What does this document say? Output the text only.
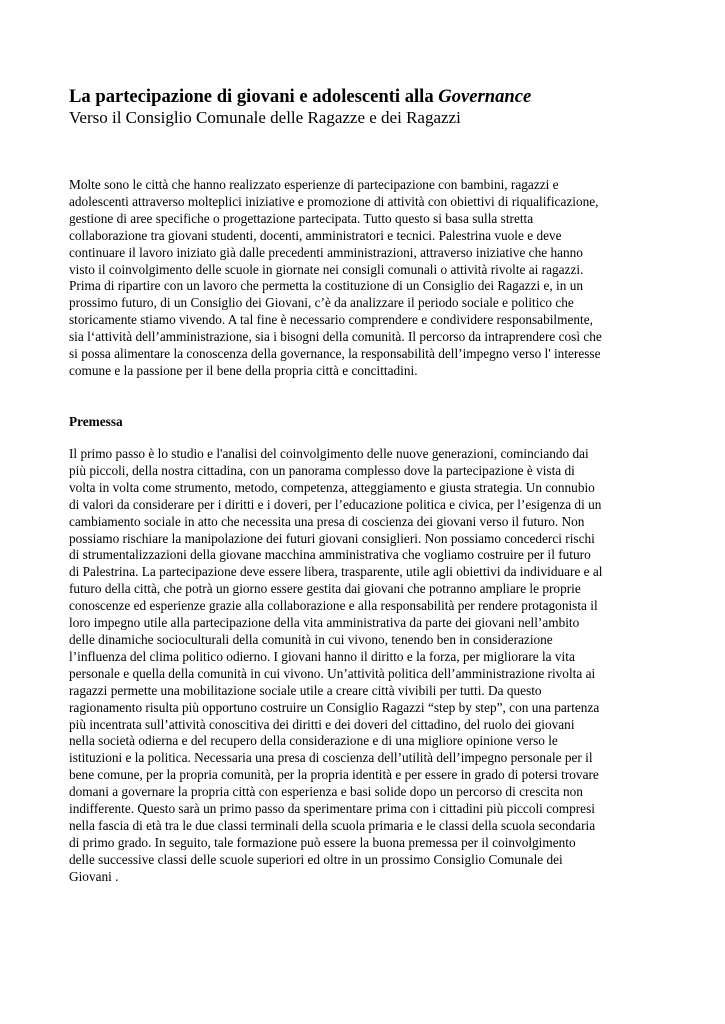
La partecipazione di giovani e adolescenti alla Governance

Verso il Consiglio Comunale delle Ragazze e dei Ragazzi

Molte sono le città che hanno realizzato esperienze di partecipazione con bambini, ragazzi e
adolescenti attraverso molteplici iniziative e promozione di attività con obiettivi di riqualificazione,
gestione di aree specifiche o progettazione partecipata. Tutto questo si basa sulla stretta
collaborazione tra giovani studenti, docenti, amministratori e tecnici. Palestrina vuole e deve
continuare il lavoro iniziato già dalle precedenti amministrazioni, attraverso iniziative che hanno
visto il coinvolgimento delle scuole in giornate nei consigli comunali o attività rivolte ai ragazzi.
Prima di ripartire con un lavoro che permetta la costituzione di un Consiglio dei Ragazzi e, in un
prossimo futuro, di un Consiglio dei Giovani, c’è da analizzare il periodo sociale e politico che
storicamente stiamo vivendo. A tal fine è necessario comprendere e condividere responsabilmente,
sia l‘attività dell’amministrazione, sia i bisogni della comunità. Il percorso da intraprendere così che
si possa alimentare la conoscenza della governance, la responsabilità dell’impegno verso l' interesse
comune e la passione per il bene della propria città e concittadini.
Premessa
Il primo passo è lo studio e l'analisi del coinvolgimento delle nuove generazioni, cominciando dai
più piccoli, della nostra cittadina, con un panorama complesso dove la partecipazione è vista di
volta in volta come strumento, metodo, competenza, atteggiamento e giusta strategia. Un connubio
di valori da considerare per i diritti e i doveri, per l’educazione politica e civica, per l’esigenza di un
cambiamento sociale in atto che necessita una presa di coscienza dei giovani verso il futuro. Non
possiamo rischiare la manipolazione dei futuri giovani consiglieri. Non possiamo concederci rischi
di strumentalizzazioni della giovane macchina amministrativa che vogliamo costruire per il futuro
di Palestrina. La partecipazione deve essere libera, trasparente, utile agli obiettivi da individuare e al
futuro della città, che potrà un giorno essere gestita dai giovani che potranno ampliare le proprie
conoscenze ed esperienze grazie alla collaborazione e alla responsabilità per rendere protagonista il
loro impegno utile alla partecipazione della vita amministrativa da parte dei giovani nell’ambito
delle dinamiche socioculturali della comunità in cui vivono, tenendo ben in considerazione
l’influenza del clima politico odierno. I giovani hanno il diritto e la forza, per migliorare la vita
personale e quella della comunità in cui vivono. Un’attività politica dell’amministrazione rivolta ai
ragazzi permette una mobilitazione sociale utile a creare città vivibili per tutti. Da questo
ragionamento risulta più opportuno costruire un Consiglio Ragazzi “step by step”, con una partenza
più incentrata sull’attività conoscitiva dei diritti e dei doveri del cittadino, del ruolo dei giovani
nella società odierna e del recupero della considerazione e di una migliore opinione verso le
istituzioni e la politica. Necessaria una presa di coscienza dell’utilità dell’impegno personale per il
bene comune, per la propria comunità, per la propria identità e per essere in grado di potersi trovare
domani a governare la propria città con esperienza e basi solide dopo un percorso di crescita non
indifferente. Questo sarà un primo passo da sperimentare prima con i cittadini più piccoli compresi
nella fascia di età tra le due classi terminali della scuola primaria e le classi della scuola secondaria
di primo grado. In seguito, tale formazione può essere la buona premessa per il coinvolgimento
delle successive classi delle scuole superiori ed oltre in un prossimo Consiglio Comunale dei
Giovani .
